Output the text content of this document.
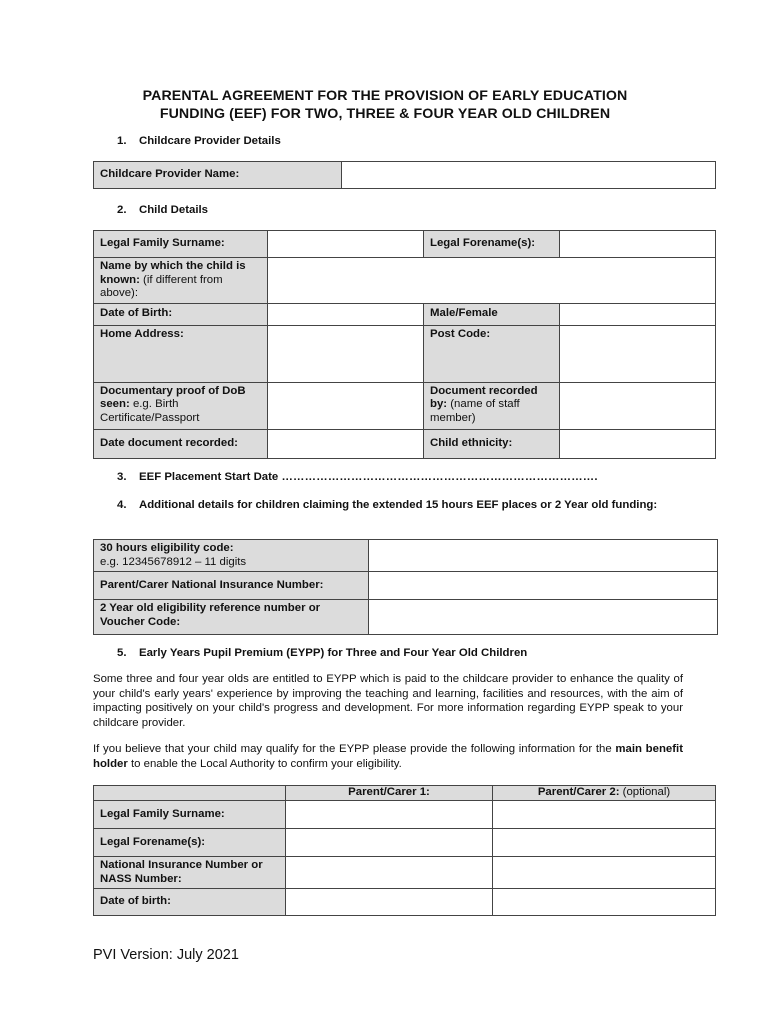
PARENTAL AGREEMENT FOR THE PROVISION OF EARLY EDUCATION
FUNDING (EEF) FOR TWO, THREE & FOUR YEAR OLD CHILDREN
1. Childcare Provider Details
Childcare Provider Name:	
2. Child Details
Legal Family Surname:		Legal Forename(s):	
Name by which the child is known: (if different from above):			
Date of Birth:		Male/Female	
Home Address:		Post Code:	
Documentary proof of DoB seen: e.g. Birth Certificate/Passport		Document recorded by: (name of staff member)	
Date document recorded:		Child ethnicity:	
3. EEF Placement Start Date ……………………………………………………………………….
4.	Additional details for children claiming the extended 15 hours EEF places or 2 Year old funding:
30 hours eligibility code:
e.g. 12345678912 – 11 digits	
Parent/Carer National Insurance Number:	
2 Year old eligibility reference number or Voucher Code:	
5. Early Years Pupil Premium (EYPP) for Three and Four Year Old Children
Some three and four year olds are entitled to EYPP which is paid to the childcare provider to enhance the quality of your child's early years' experience by improving the teaching and learning, facilities and resources, with the aim of impacting positively on your child's progress and development. For more information regarding EYPP speak to your childcare provider.
If you believe that your child may qualify for the EYPP please provide the following information for the main benefit holder to enable the Local Authority to confirm your eligibility.
	Parent/Carer 1:	Parent/Carer 2: (optional)
Legal Family Surname:		
Legal Forename(s):		
National Insurance Number or NASS Number:		
Date of birth:		
PVI Version: July 2021
